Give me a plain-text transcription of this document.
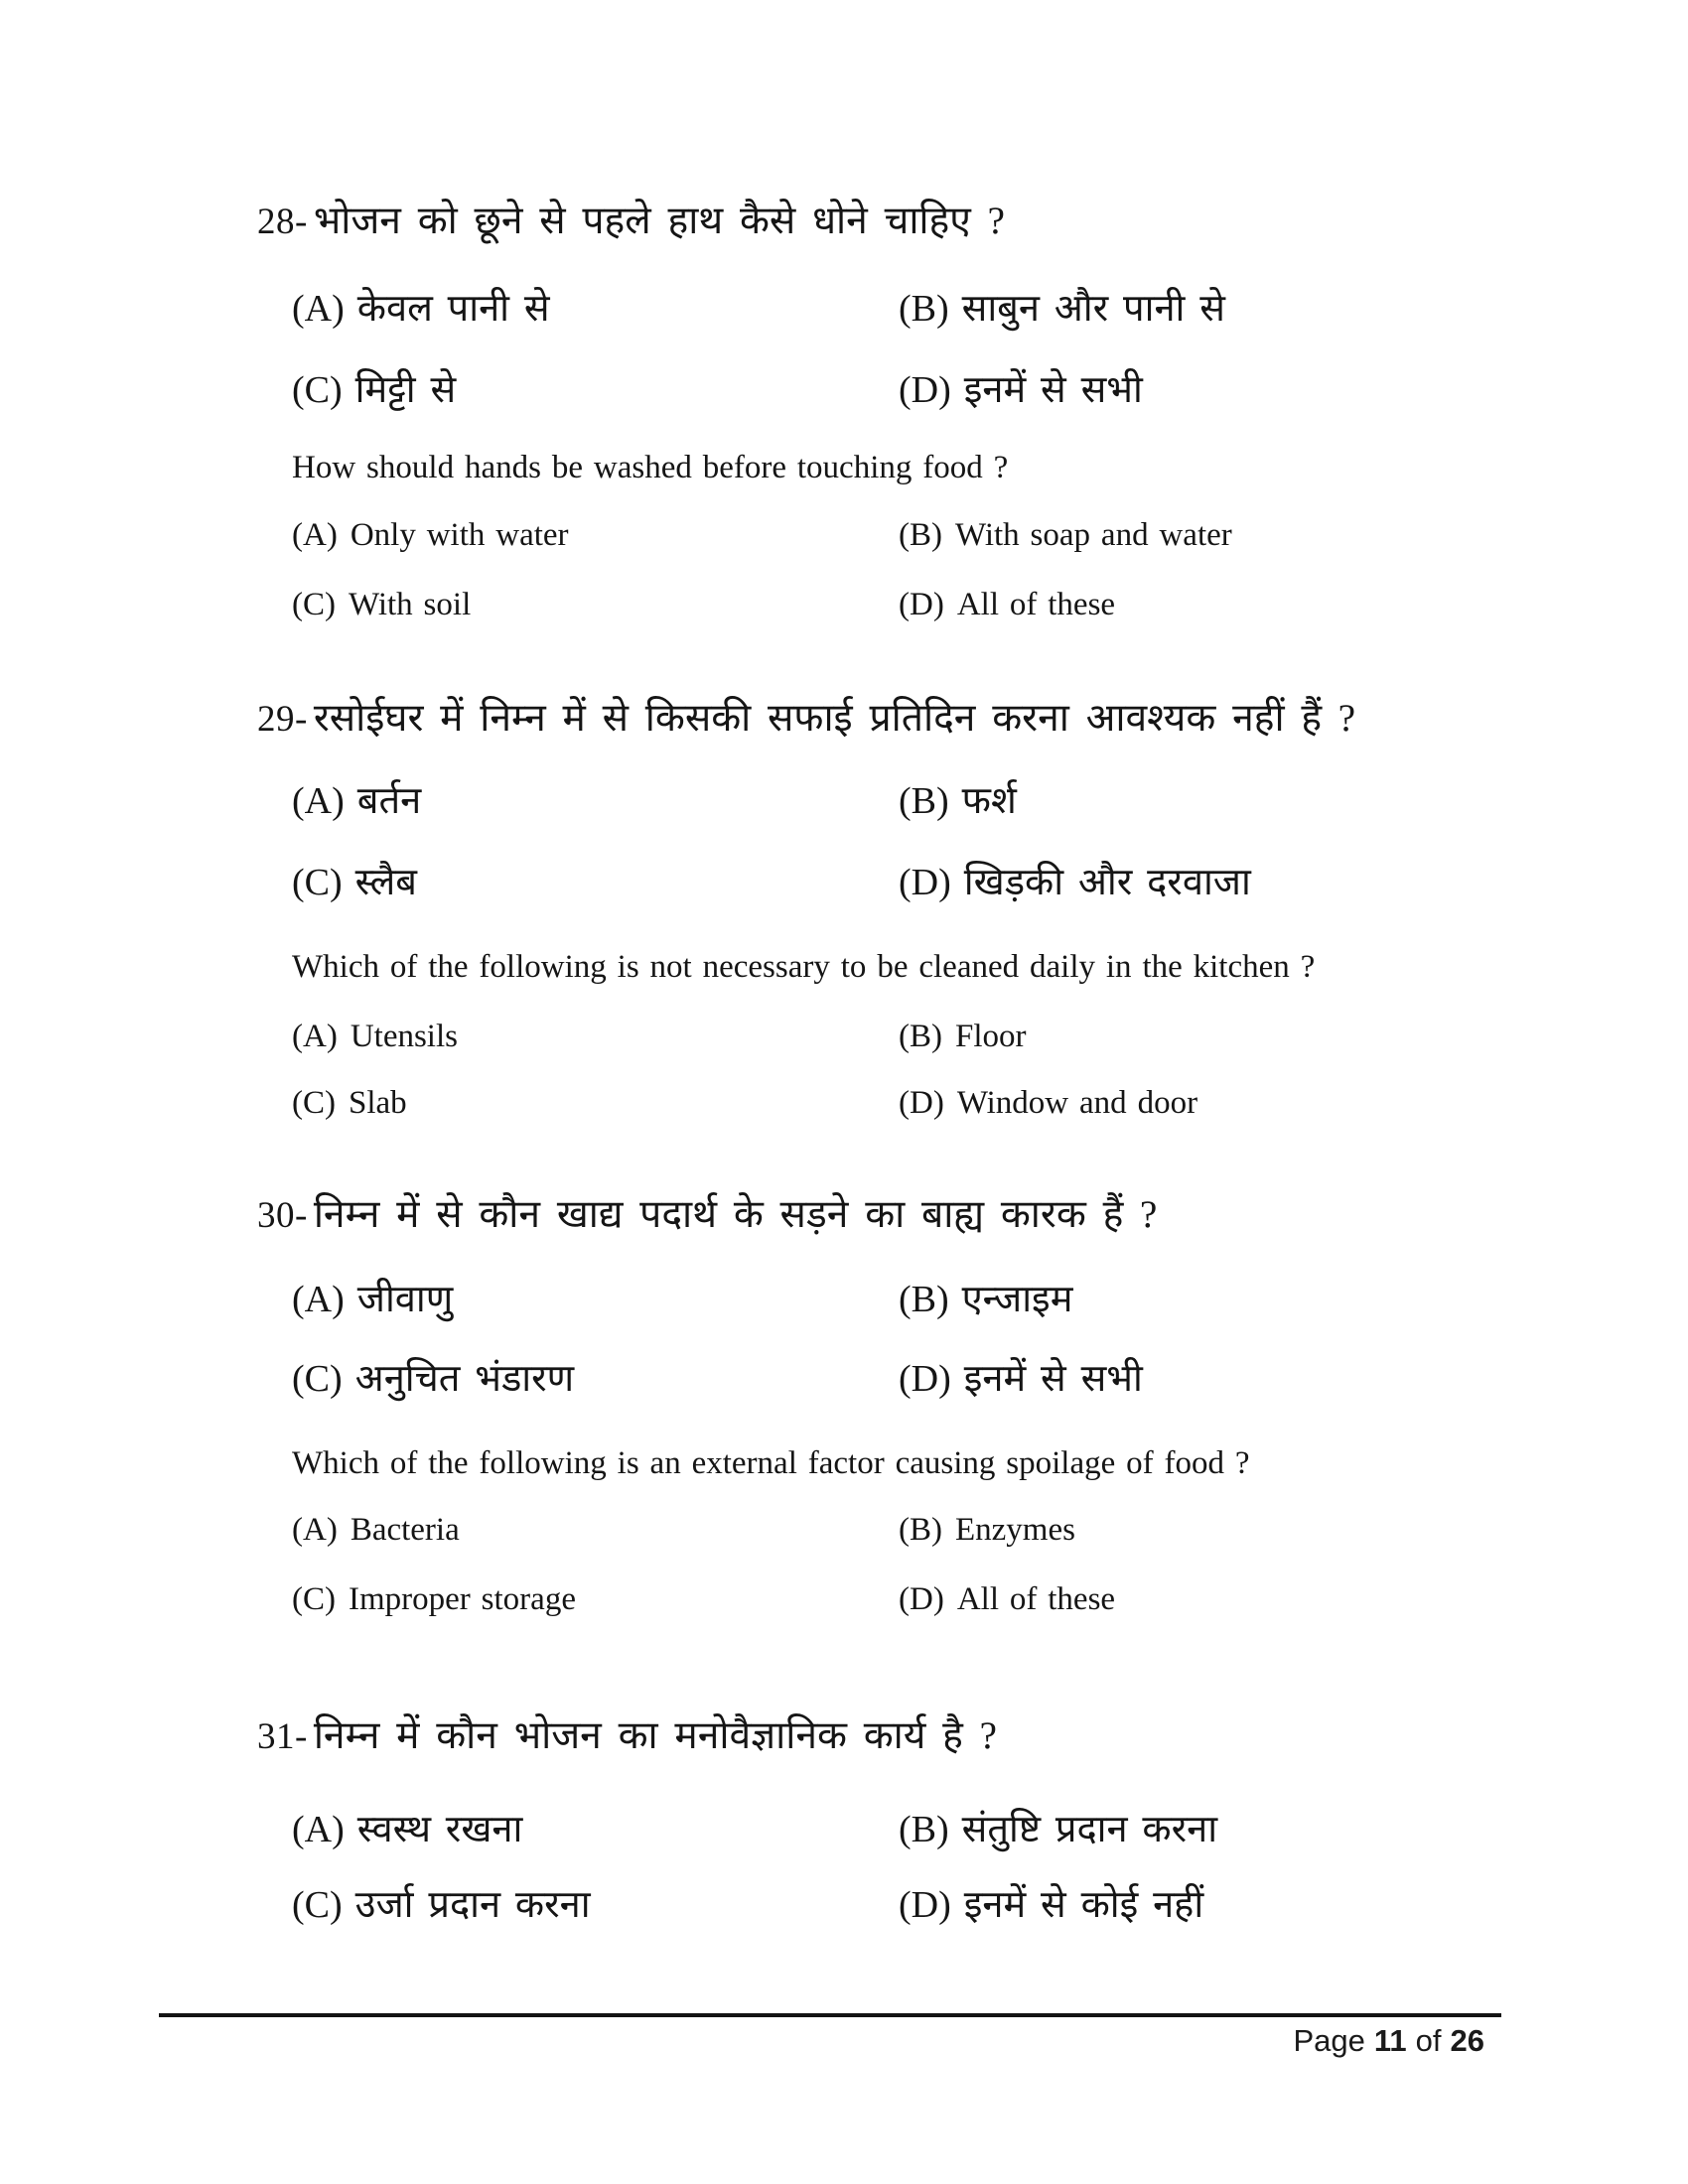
28- भोजन को छूने से पहले हाथ कैसे धोने चाहिए ?
(A) केवल पानी से	(B) साबुन और पानी से
(C) मिट्टी से	(D) इनमें से सभी
How should hands be washed before touching food ?
(A) Only with water	(B) With soap and water
(C) With soil	(D) All of these
29- रसोईघर में निम्न में से किसकी सफाई प्रतिदिन करना आवश्यक नहीं हैं ?
(A) बर्तन	(B) फर्श
(C) स्लैब	(D) खिड़की और दरवाजा
Which of the following is not necessary to be cleaned daily in the kitchen ?
(A) Utensils	(B) Floor
(C) Slab	(D) Window and door
30- निम्न में से कौन खाद्य पदार्थ के सड़ने का बाह्य कारक हैं ?
(A) जीवाणु	(B) एन्जाइम
(C) अनुचित भंडारण	(D) इनमें से सभी
Which of the following is an external factor causing spoilage of food ?
(A) Bacteria	(B) Enzymes
(C) Improper storage	(D) All of these
31- निम्न में कौन भोजन का मनोवैज्ञानिक कार्य है ?
(A) स्वस्थ रखना	(B) संतुष्टि प्रदान करना
(C) उर्जा प्रदान करना	(D) इनमें से कोई नहीं
Page 11 of 26
